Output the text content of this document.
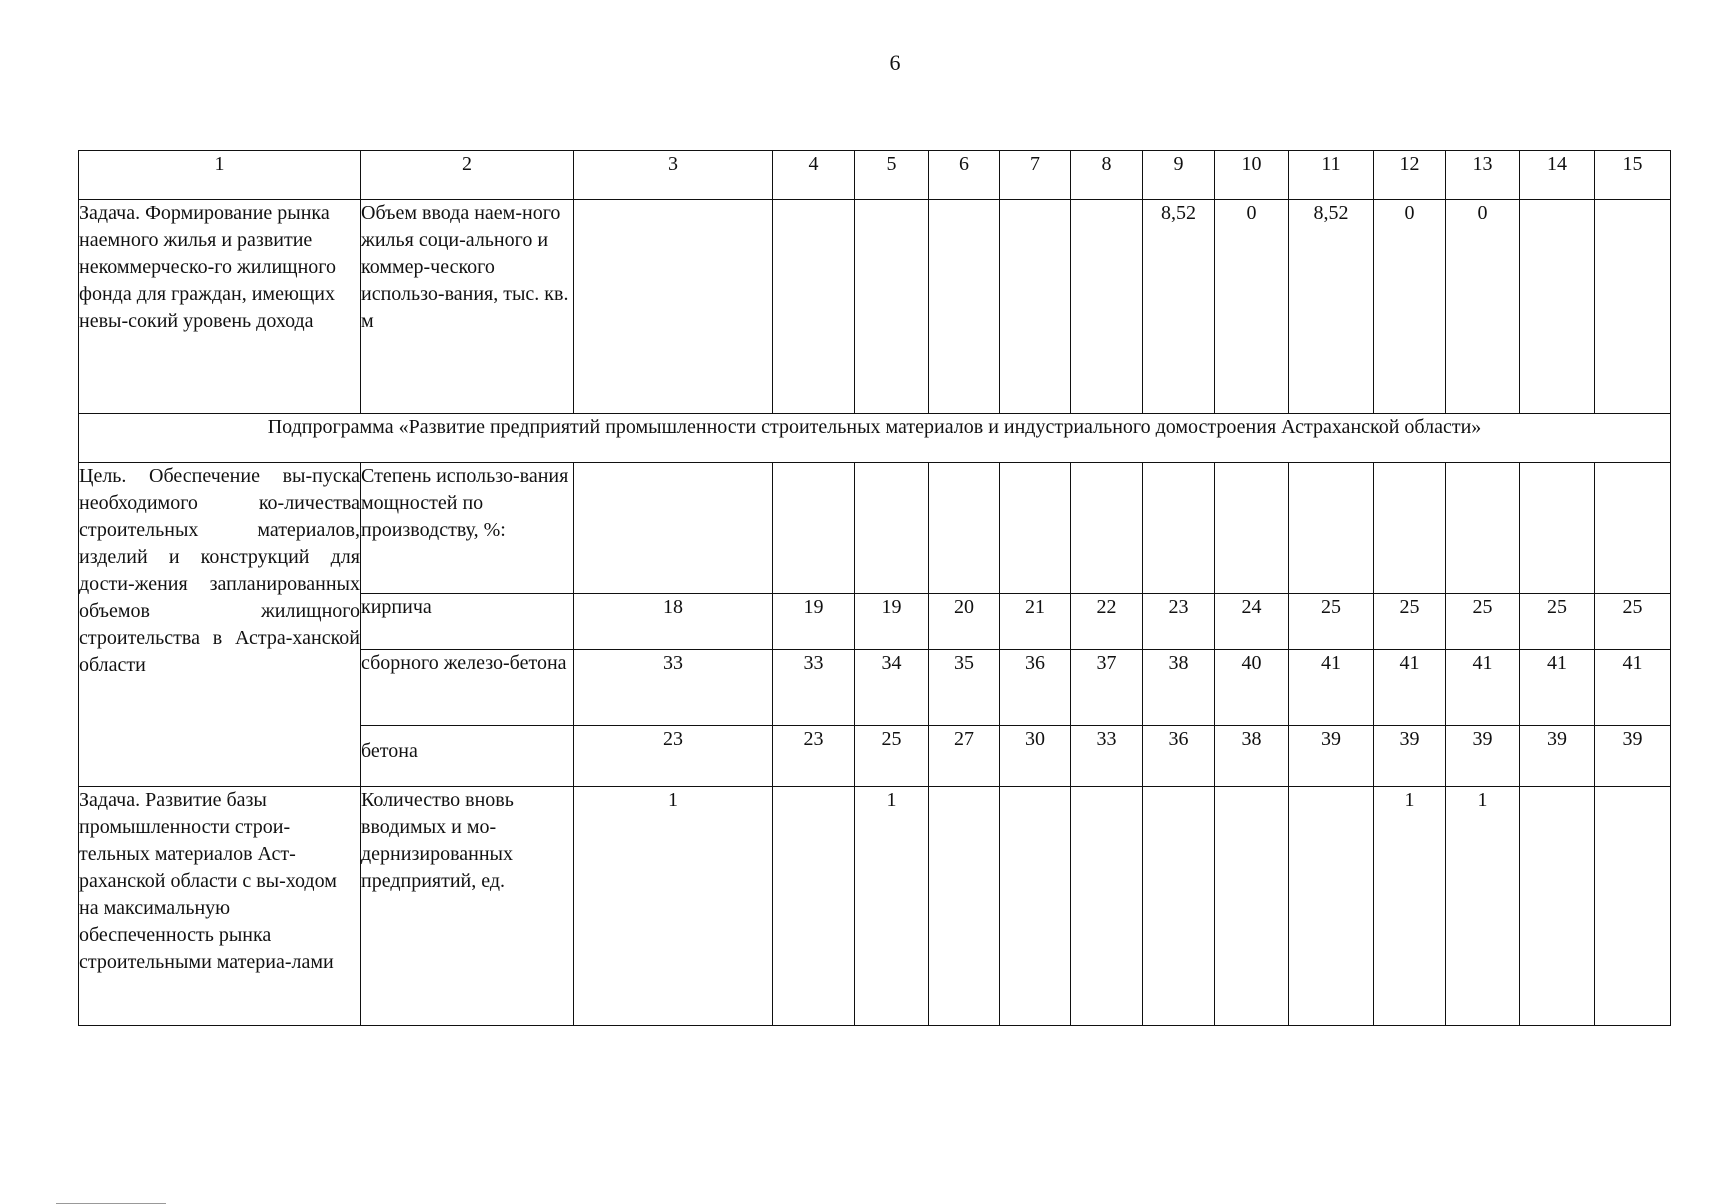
6
1	2	3	4	5	6	7	8	9	10	11	12	13	14	15
Задача. Формирование рынка наемного жилья и развитие некоммерческо-го жилищного фонда для граждан, имеющих невы-сокий уровень дохода	Объем ввода наем-ного жилья соци-ального и коммер-ческого использо-вания, тыс. кв. м							8,52	0	8,52	0	0		
Подпрограмма «Развитие предприятий промышленности строительных материалов и индустриального домостроения Астраханской области»														
Цель. Обеспечение вы-пуска необходимого ко-личества строительных материалов, изделий и конструкций для дости-жения запланированных объемов жилищного строительства в Астра-ханской области	Степень использо-вания мощностей по производству, %:													
	кирпича	18	19	19	20	21	22	23	24	25	25	25	25	25
	сборного железо-бетона	33	33	34	35	36	37	38	40	41	41	41	41	41
	бетона	23	23	25	27	30	33	36	38	39	39	39	39	39
Задача. Развитие базы промышленности строи-тельных материалов Аст-раханской области с вы-ходом на максимальную обеспеченность рынка строительными материа-лами	Количество вновь вводимых и мо-дернизированных предприятий, ед.	1		1							1	1		
